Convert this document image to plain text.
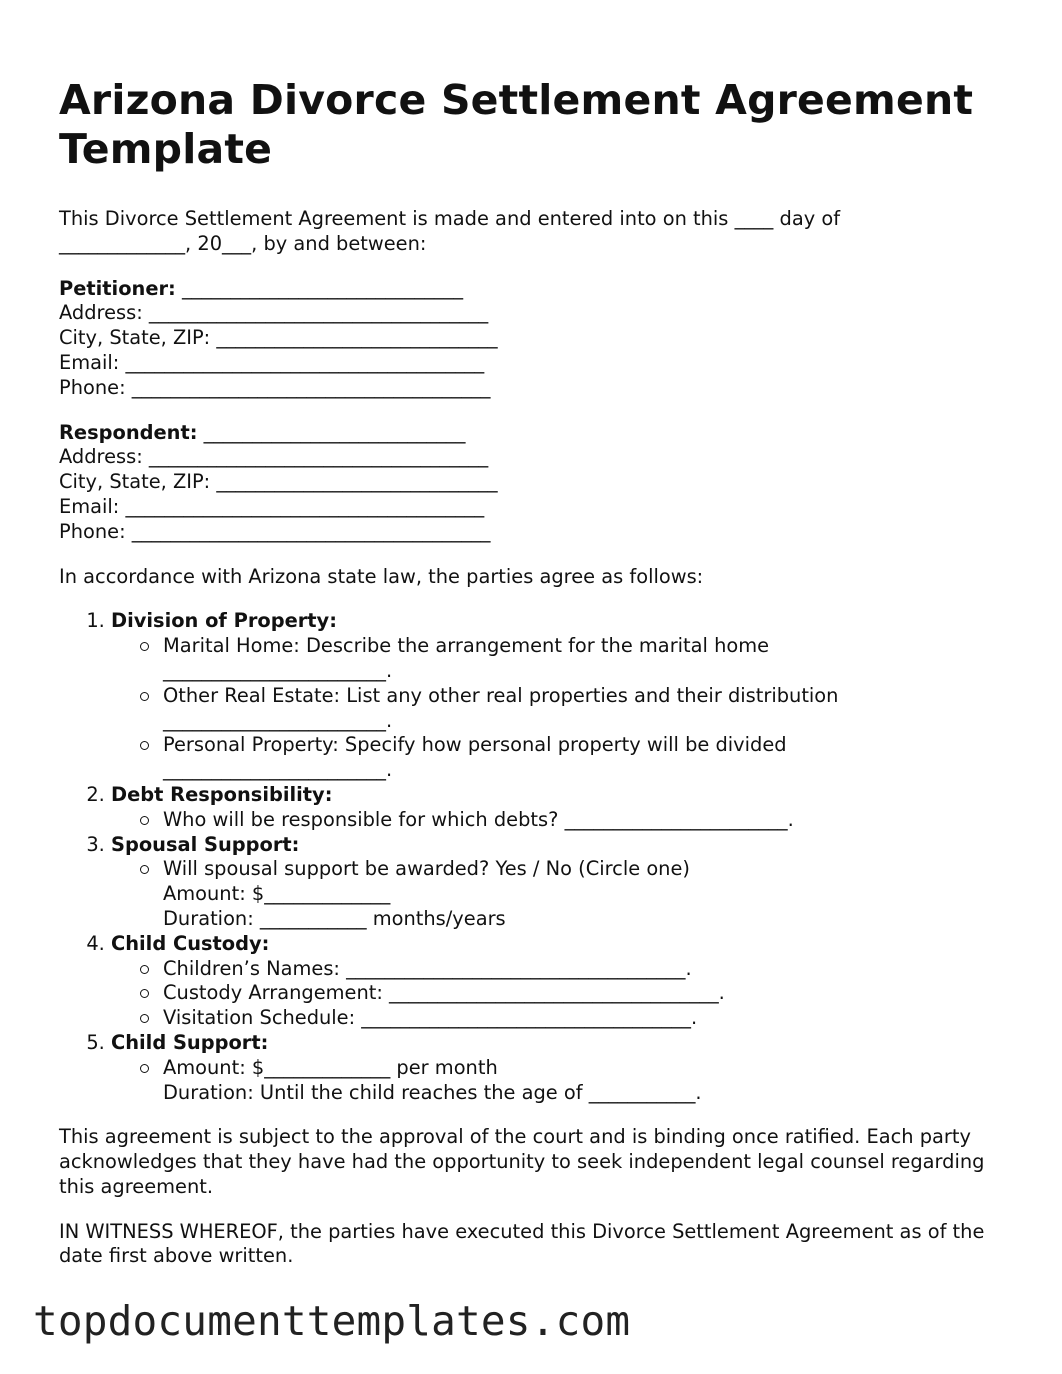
Arizona Divorce Settlement Agreement Template

This Divorce Settlement Agreement is made and entered into on this ____ day of

_____________, 20___, by and between:

Petitioner: _____________________________
Address: ___________________________________
City, State, ZIP: _____________________________
Email: _____________________________________
Phone: _____________________________________
Respondent: ___________________________
Address: ___________________________________
City, State, ZIP: _____________________________
Email: _____________________________________
Phone: _____________________________________

In accordance with Arizona state law, the parties agree as follows:

1. Division of Property:
Marital Home: Describe the arrangement for the marital home
_______________________.
Other Real Estate: List any other real properties and their distribution
_______________________.
Personal Property: Specify how personal property will be divided
_______________________.
2. Debt Responsibility:
Who will be responsible for which debts? _______________________.
3. Spousal Support:
Will spousal support be awarded? Yes / No (Circle one)
Amount: $_____________
Duration: ___________ months/years
4. Child Custody:
Children’s Names: ___________________________________.
Custody Arrangement: __________________________________.
Visitation Schedule: __________________________________.
5. Child Support:
Amount: $_____________ per month
Duration: Until the child reaches the age of ___________.

This agreement is subject to the approval of the court and is binding once ratified. Each party acknowledges that they have had the opportunity to seek independent legal counsel regarding this agreement.

IN WITNESS WHEREOF, the parties have executed this Divorce Settlement Agreement as of the date first above written.

topdocumenttemplates.com
